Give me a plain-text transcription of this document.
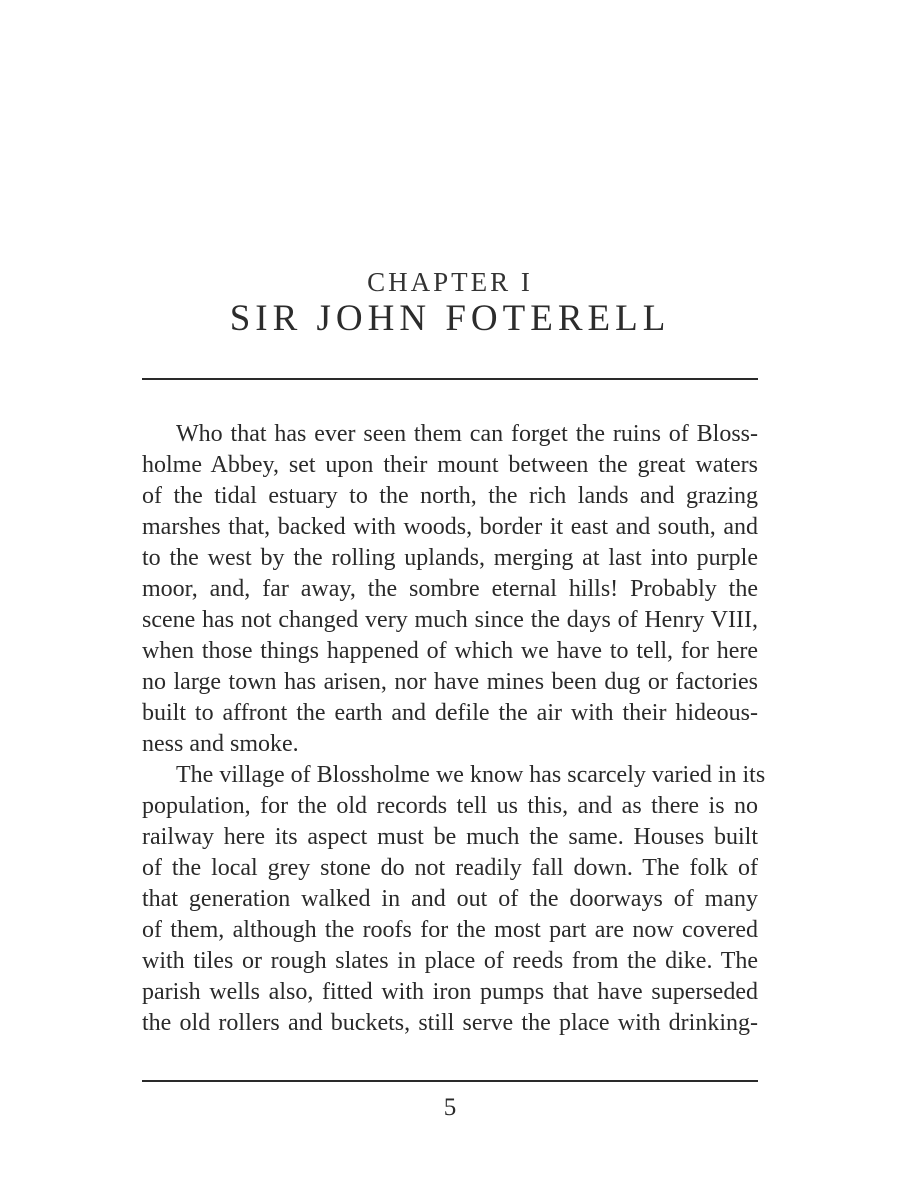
CHAPTER I
SIR JOHN FOTERELL
Who that has ever seen them can forget the ruins of Bloss-
holme Abbey, set upon their mount between the great waters
of the tidal estuary to the north, the rich lands and grazing
marshes that, backed with woods, border it east and south, and
to the west by the rolling uplands, merging at last into purple
moor, and, far away, the sombre eternal hills! Probably the
scene has not changed very much since the days of Henry VIII,
when those things happened of which we have to tell, for here
no large town has arisen, nor have mines been dug or factories
built to affront the earth and defile the air with their hideous-
ness and smoke.
The village of Blossholme we know has scarcely varied in its
population, for the old records tell us this, and as there is no
railway here its aspect must be much the same. Houses built
of the local grey stone do not readily fall down. The folk of
that generation walked in and out of the doorways of many
of them, although the roofs for the most part are now covered
with tiles or rough slates in place of reeds from the dike. The
parish wells also, fitted with iron pumps that have superseded
the old rollers and buckets, still serve the place with drinking-
5
